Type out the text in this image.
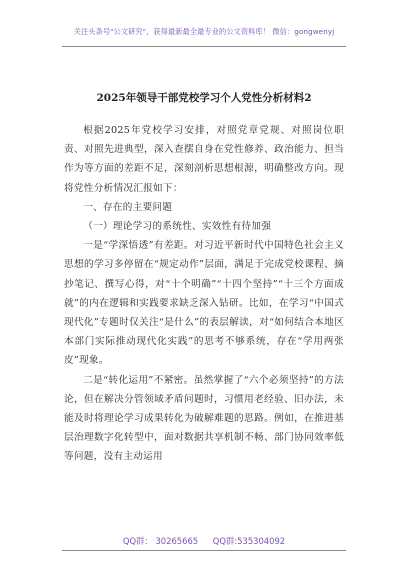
关注头条号"公文研究"，获得最新最全最专业的公文资料库！ 微信：gongwenyj
2025年领导干部党校学习个人党性分析材料2

根据2025年党校学习安排，对照党章党规、对照岗位职责、对照先进典型，深入查摆自身在党性修养、政治能力、担当作为等方面的差距不足，深刻剖析思想根源，明确整改方向。现将党性分析情况汇报如下：

一、存在的主要问题

（一）理论学习的系统性、实效性有待加强

一是“学深悟透”有差距。对习近平新时代中国特色社会主义思想的学习多停留在“规定动作”层面，满足于完成党校课程、摘抄笔记、撰写心得，对“十个明确”“十四个坚持”“十三个方面成就”的内在逻辑和实践要求缺乏深入钻研。比如，在学习“中国式现代化”专题时仅关注“是什么”的表层解读，对“如何结合本地区本部门实际推动现代化实践”的思考不够系统，存在“学用两张皮”现象。

二是“转化运用”不紧密。虽然掌握了“六个必须坚持”的方法论，但在解决分管领域矛盾问题时，习惯用老经验、旧办法，未能及时将理论学习成果转化为破解难题的思路。例如，在推进基层治理数字化转型中，面对数据共享机制不畅、部门协同效率低等问题，没有主动运用

QQ群： 30265665 QQ群:535304092
